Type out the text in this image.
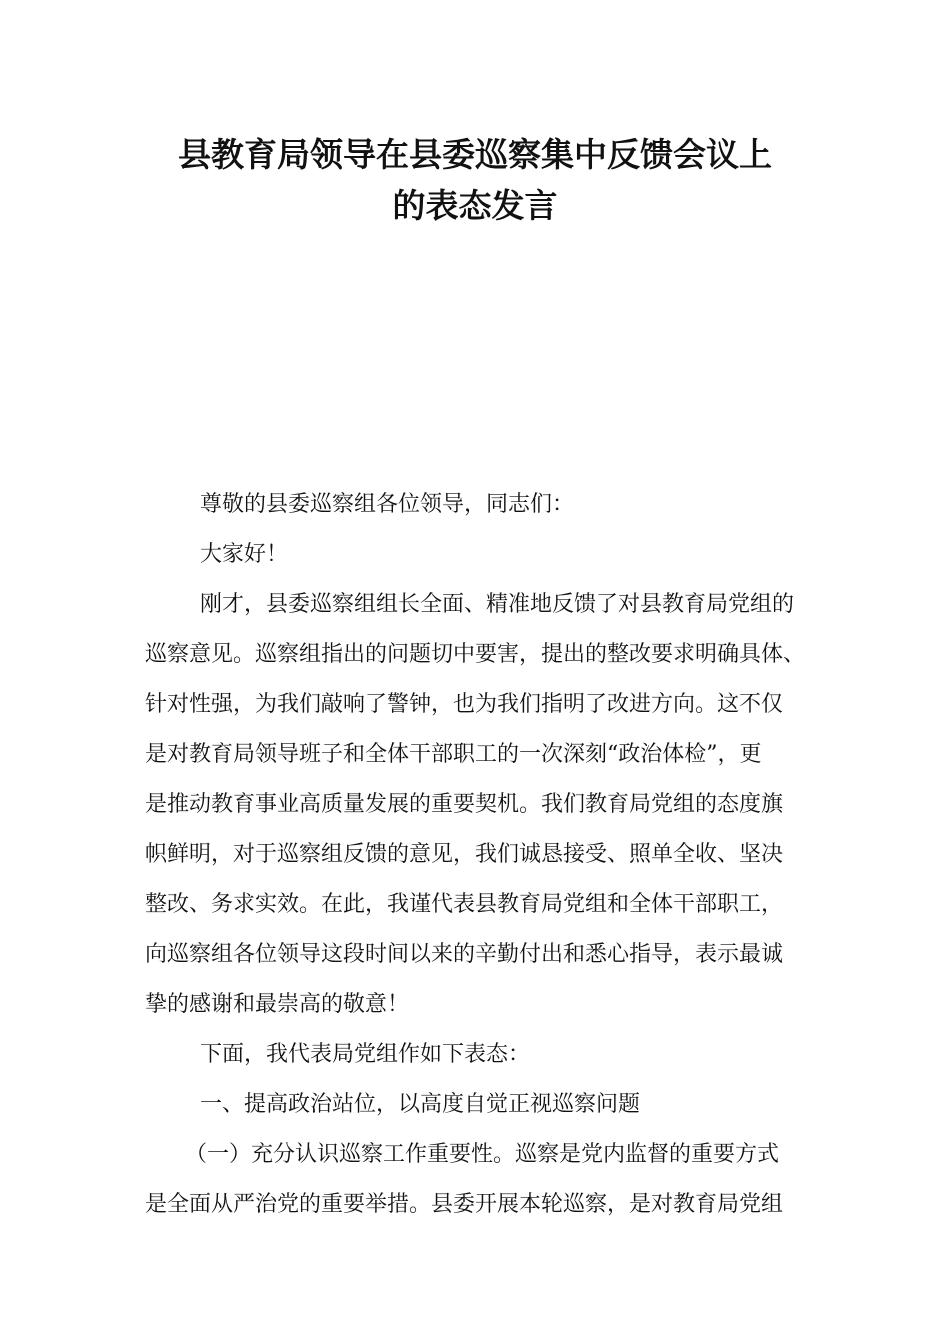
县教育局领导在县委巡察集中反馈会议上
的表态发言
尊敬的县委巡察组各位领导，同志们：
大家好！
刚才，县委巡察组组长全面、精准地反馈了对县教育局党组的
巡察意见。巡察组指出的问题切中要害，提出的整改要求明确具体、
针对性强，为我们敲响了警钟，也为我们指明了改进方向。这不仅
是对教育局领导班子和全体干部职工的一次深刻“政治体检”，更
是推动教育事业高质量发展的重要契机。我们教育局党组的态度旗
帜鲜明，对于巡察组反馈的意见，我们诚恳接受、照单全收、坚决
整改、务求实效。在此，我谨代表县教育局党组和全体干部职工，
向巡察组各位领导这段时间以来的辛勤付出和悉心指导，表示最诚
挚的感谢和最崇高的敬意！
下面，我代表局党组作如下表态：
一、提高政治站位，以高度自觉正视巡察问题
（一）充分认识巡察工作重要性。巡察是党内监督的重要方式
是全面从严治党的重要举措。县委开展本轮巡察，是对教育局党组
